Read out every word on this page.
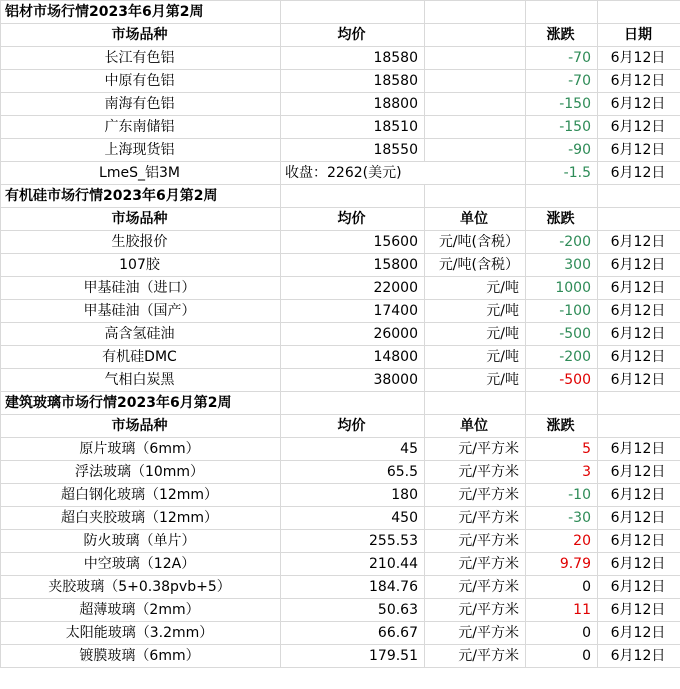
铝材市场行情2023年6月第2周				
市场品种	均价		涨跌	日期
长江有色铝	18580		-70	6月12日
中原有色铝	18580		-70	6月12日
南海有色铝	18800		-150	6月12日
广东南储铝	18510		-150	6月12日
上海现货铝	18550		-90	6月12日
LmeS_铝3M	收盘：2262(美元)		-1.5	6月12日
有机硅市场行情2023年6月第2周				
市场品种	均价	单位	涨跌	
生胶报价	15600	元/吨(含税）	-200	6月12日
107胶	15800	元/吨(含税）	300	6月12日
甲基硅油（进口）	22000	元/吨	1000	6月12日
甲基硅油（国产）	17400	元/吨	-100	6月12日
高含氢硅油	26000	元/吨	-500	6月12日
有机硅DMC	14800	元/吨	-200	6月12日
气相白炭黑	38000	元/吨	-500	6月12日
建筑玻璃市场行情2023年6月第2周				
市场品种	均价	单位	涨跌	
原片玻璃（6mm）	45	元/平方米	5	6月12日
浮法玻璃（10mm）	65.5	元/平方米	3	6月12日
超白钢化玻璃（12mm）	180	元/平方米	-10	6月12日
超白夹胶玻璃（12mm）	450	元/平方米	-30	6月12日
防火玻璃（单片）	255.53	元/平方米	20	6月12日
中空玻璃（12A）	210.44	元/平方米	9.79	6月12日
夹胶玻璃（5+0.38pvb+5）	184.76	元/平方米	0	6月12日
超薄玻璃（2mm）	50.63	元/平方米	11	6月12日
太阳能玻璃（3.2mm）	66.67	元/平方米	0	6月12日
镀膜玻璃（6mm）	179.51	元/平方米	0	6月12日
